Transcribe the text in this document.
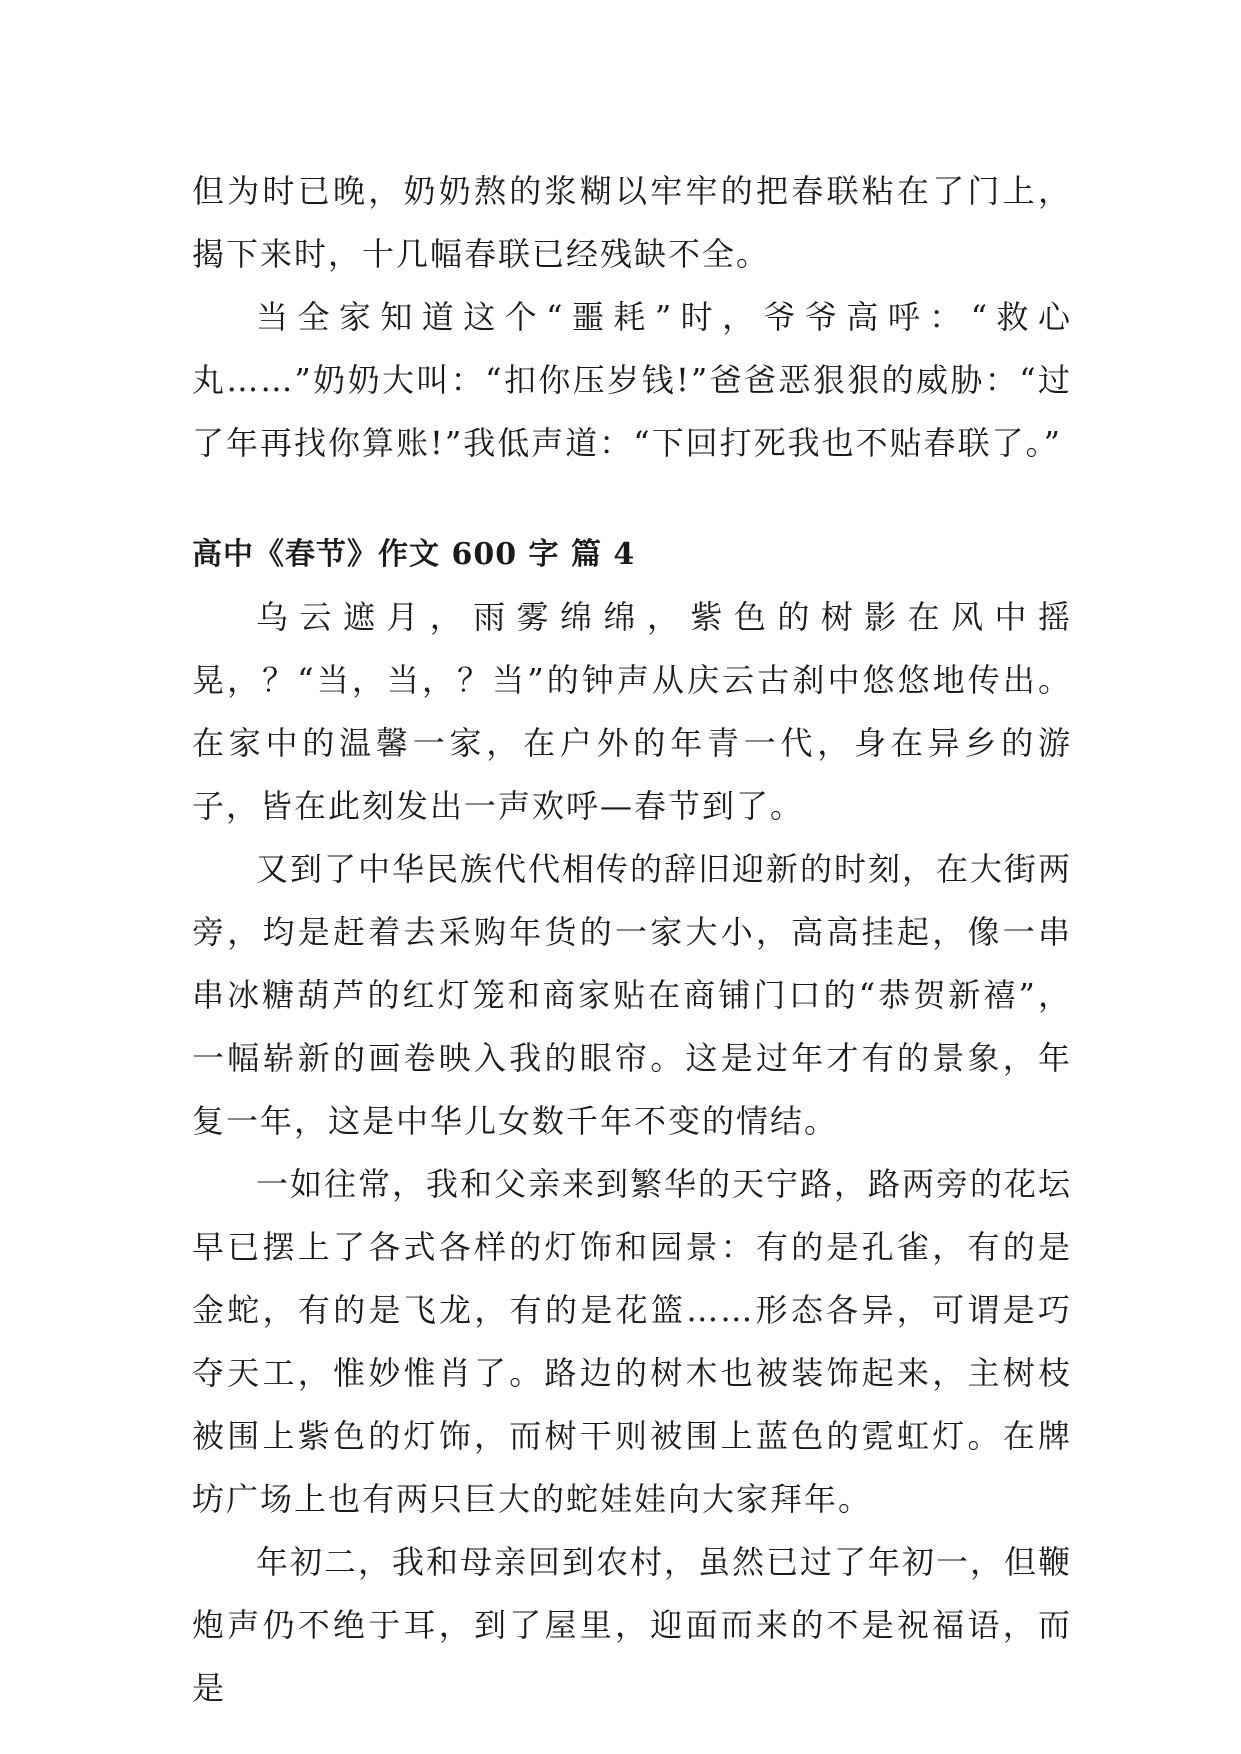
但为时已晚，奶奶熬的浆糊以牢牢的把春联粘在了门上，揭下来时，十几幅春联已经残缺不全。

当全家知道这个“噩耗”时，爷爷高呼：“救心丸……”奶奶大叫：“扣你压岁钱!”爸爸恶狠狠的威胁：“过了年再找你算账!”我低声道：“下回打死我也不贴春联了。”

高中《春节》作文 600 字 篇 4

乌云遮月，雨雾绵绵，紫色的树影在风中摇晃，？“当，当，？当”的钟声从庆云古刹中悠悠地传出。在家中的温馨一家，在户外的年青一代，身在异乡的游子，皆在此刻发出一声欢呼—春节到了。

又到了中华民族代代相传的辞旧迎新的时刻，在大街两旁，均是赶着去采购年货的一家大小，高高挂起，像一串串冰糖葫芦的红灯笼和商家贴在商铺门口的“恭贺新禧”，一幅崭新的画卷映入我的眼帘。这是过年才有的景象，年复一年，这是中华儿女数千年不变的情结。

一如往常，我和父亲来到繁华的天宁路，路两旁的花坛早已摆上了各式各样的灯饰和园景：有的是孔雀，有的是金蛇，有的是飞龙，有的是花篮……形态各异，可谓是巧夺天工，惟妙惟肖了。路边的树木也被装饰起来，主树枝被围上紫色的灯饰，而树干则被围上蓝色的霓虹灯。在牌坊广场上也有两只巨大的蛇娃娃向大家拜年。

年初二，我和母亲回到农村，虽然已过了年初一，但鞭炮声仍不绝于耳，到了屋里，迎面而来的不是祝福语，而是
